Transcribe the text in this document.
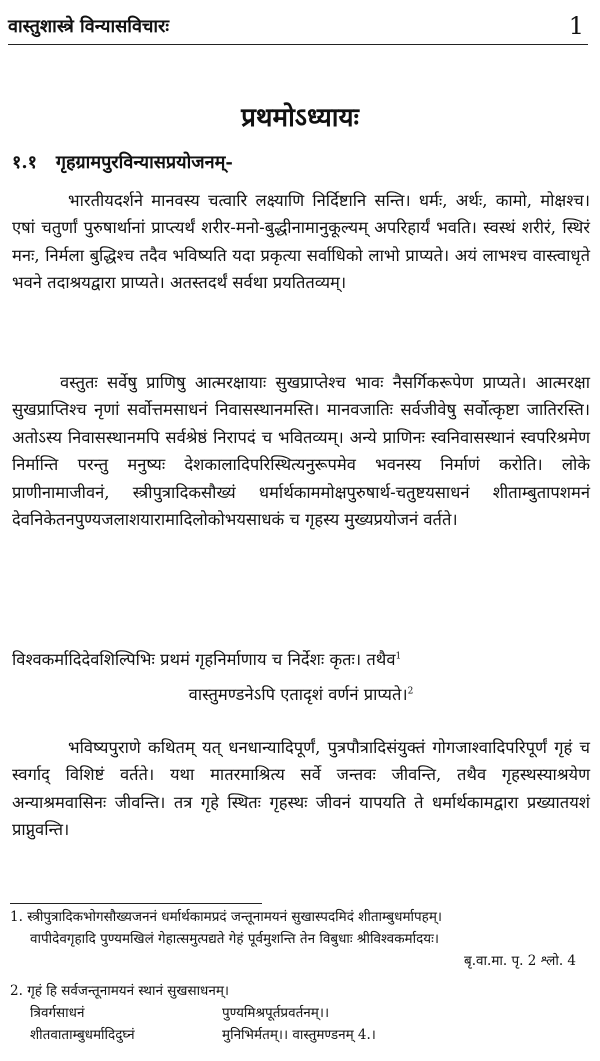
वास्तुशास्त्रे विन्यासविचारः	1
प्रथमोऽध्यायः
१.१ गृहग्रामपुरविन्यासप्रयोजनम्-

भारतीयदर्शने मानवस्य चत्वारि लक्ष्याणि निर्दिष्टानि सन्ति। धर्मः, अर्थः, कामो, मोक्षश्च। एषां चतुर्णां पुरुषार्थानां प्राप्त्यर्थं शरीर-मनो-बुद्धीनामानुकूल्यम् अपरिहार्यं भवति। स्वस्थं शरीरं, स्थिरं मनः, निर्मला बुद्धिश्च तदैव भविष्यति यदा प्रकृत्या सर्वाधिको लाभो प्राप्यते। अयं लाभश्च वास्त्वाधृते भवने तदाश्रयद्वारा प्राप्यते। अतस्तदर्थं सर्वथा प्रयतितव्यम्।

वस्तुतः सर्वेषु प्राणिषु आत्मरक्षायाः सुखप्राप्तेश्च भावः नैसर्गिकरूपेण प्राप्यते। आत्मरक्षा सुखप्राप्तिश्च नृणां सर्वोत्तमसाधनं निवासस्थानमस्ति। मानवजातिः सर्वजीवेषु सर्वोत्कृष्टा जातिरस्ति। अतोऽस्य निवासस्थानमपि सर्वश्रेष्ठं निरापदं च भवितव्यम्। अन्ये प्राणिनः स्वनिवासस्थानं स्वपरिश्रमेण निर्मान्ति परन्तु मनुष्यः देशकालादिपरिस्थित्यनुरूपमेव भवनस्य निर्माणं करोति। लोके प्राणीनामाजीवनं, स्त्रीपुत्रादिकसौख्यं धर्मार्थकाममोक्षपुरुषार्थ-चतुष्टयसाधनं शीताम्बुतापशमनं देवनिकेतनपुण्यजलाशयारामादिलोकोभयसाधकं च गृहस्य मुख्यप्रयोजनं वर्तते।

विश्वकर्मादिदेवशिल्पिभिः प्रथमं गृहनिर्माणाय च निर्देशः कृतः। तथैव$^1$

वास्तुमण्डनेऽपि एतादृशं वर्णनं प्राप्यते।$^2$

भविष्यपुराणे कथितम् यत् धनधान्यादिपूर्णं, पुत्रपौत्रादिसंयुक्तं गोगजाश्वादिपरिपूर्णं गृहं च स्वर्गाद् विशिष्टं वर्तते। यथा मातरमाश्रित्य सर्वे जन्तवः जीवन्ति, तथैव गृहस्थस्याश्रयेण अन्याश्रमवासिनः जीवन्ति। तत्र गृहे स्थितः गृहस्थः जीवनं यापयति ते धर्मार्थकामद्वारा प्रख्यातयशं प्राप्नुवन्ति।

1. स्त्रीपुत्रादिकभोगसौख्यजननं धर्मार्थकामप्रदं जन्तूनामयनं सुखास्पदमिदं शीताम्बुधर्मापहम्।
वापीदेवगृहादि पुण्यमखिलं गेहात्समुत्पद्यते गेहं पूर्वमुशन्ति तेन विबुधाः श्रीविश्वकर्मादयः।
बृ.वा.मा. पृ. 2 श्लो. 4
2. गृहं हि सर्वजन्तूनामयनं स्थानं सुखसाधनम्।
त्रिवर्गसाधनं	पुण्यमिश्रपूर्तप्रवर्तनम्।।
शीतवाताम्बुधर्मादिदुघ्नं	मुनिभिर्मतम्।। वास्तुमण्डनम् 4.।
